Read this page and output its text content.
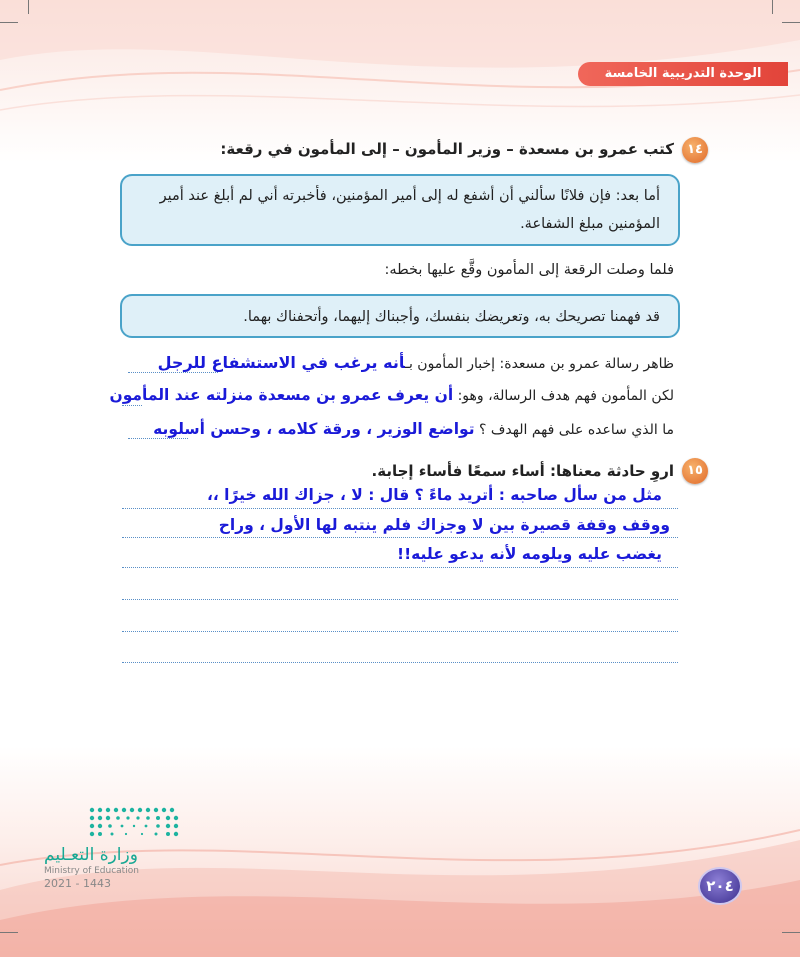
الوحدة التدريبية الخامسة
١٤
كتب عمرو بن مسعدة – وزير المأمون – إلى المأمون في رقعة:
أما بعد: فإن فلانًا سألني أن أشفع له إلى أمير المؤمنين، فأخبرته أني لم أبلغ عند أمير
المؤمنين مبلغ الشفاعة.
فلما وصلت الرقعة إلى المأمون وقَّع عليها بخطه:
قد فهمنا تصريحك به، وتعريضك بنفسك، وأجبناك إليهما، وأتحفناك بهما.
ظاهر رسالة عمرو بن مسعدة: إخبار المأمون بـأنه يرغب في الاستشفاع للرجل
لكن المأمون فهم هدف الرسالة، وهو: أن يعرف عمرو بن مسعدة منزلته عند المأمون
ما الذي ساعده على فهم الهدف ؟ تواضع الوزير ، ورقة كلامه ، وحسن أسلوبه
١٥
اروِ حادثة معناها: أساء سمعًا فأساء إجابة.
مثل من سأل صاحبه : أتريد ماءً ؟ قال : لا ، جزاك الله خيرًا ،،
ووقف وقفة قصيرة بين لا وجزاك فلم ينتبه لها الأول ، وراح
يغضب عليه ويلومه لأنه يدعو عليه!!
وزارة التعـليم
Ministry of Education
2021 - 1443	٢٠٤
